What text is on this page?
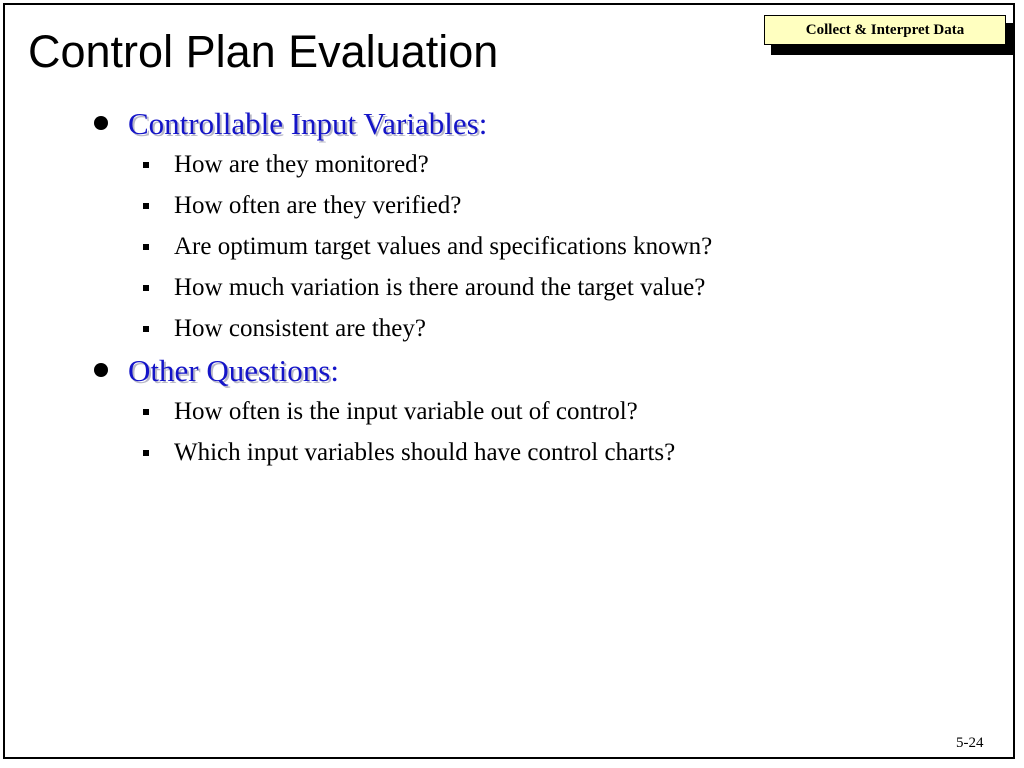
Control Plan Evaluation	Collect & Interpret Data
Controllable Input Variables:
How are they monitored?
How often are they verified?
Are optimum target values and specifications known?
How much variation is there around the target value?
How consistent are they?
Other Questions:
How often is the input variable out of control?
Which input variables should have control charts?
5-24
